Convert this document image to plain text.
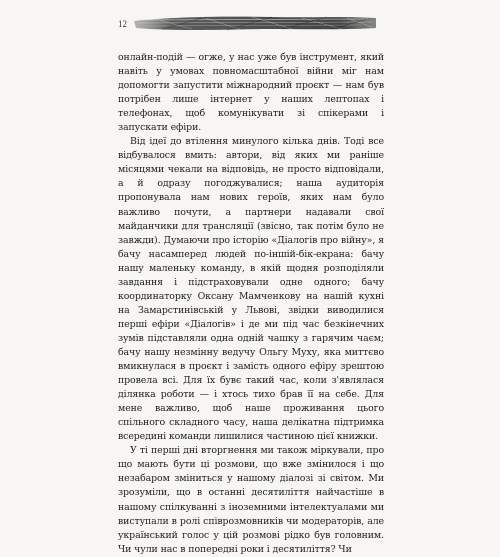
12

онлайн-подій — огже, у нас уже був інструмент, який навіть у умовах повномасштабної війни міг нам допомогти запустити міжнародний проєкт — нам був потрібен лише інтернет у наших лептопах і телефонах, щоб комунікувати зі спікерами і запускати ефіри.

Від ідеї до втілення минулого кілька днів. Тоді все відбувалося вмить: автори, від яких ми раніше місяцями чекали на відповідь, не просто відповідали, а й одразу погоджувалися; наша аудиторія пропонувала нам нових героїв, яких нам було важливо почути, а партнери надавали свої майданчики для трансляції (звісно, так потім було не завжди). Думаючи про історію «Діалогів про війну», я бачу насамперед людей по-іншій-бік-екрана: бачу нашу маленьку команду, в якій щодня розподіляли завдання і підстраховували одне одного; бачу координаторку Оксану Мамченкову на нашій кухні на Замарстинівській у Львові, звідки виводилися перші ефіри «Діалогів» і де ми під час безкінечних зумів підставляли одна одній чашку з гарячим чаєм; бачу нашу незмінну ведучу Ольгу Муху, яка миттєво вмикнулася в проєкт і замість одного ефіру зрештою провела всі. Для їх бувє такий час, коли з'являлася ділянка роботи — і хтось тихо брав її на себе. Для мене важливо, щоб наше проживання цього спільного складного часу, наша делікатна підтримка всередині команди лишилися частиною цієї книжки.

У ті перші дні вторгнення ми також міркували, про що мають бути ці розмови, що вже змінилося і що незабаром зміниться у нашому діалозі зі світом. Ми зрозуміли, що в останні десятиліття найчастіше в нашому спілкуванні з іноземними інтелектуалами ми виступали в ролі співрозмовників чи модераторів, але український голос у цій розмові рідко був головним. Чи чули нас в попередні роки і десятиліття? Чи
